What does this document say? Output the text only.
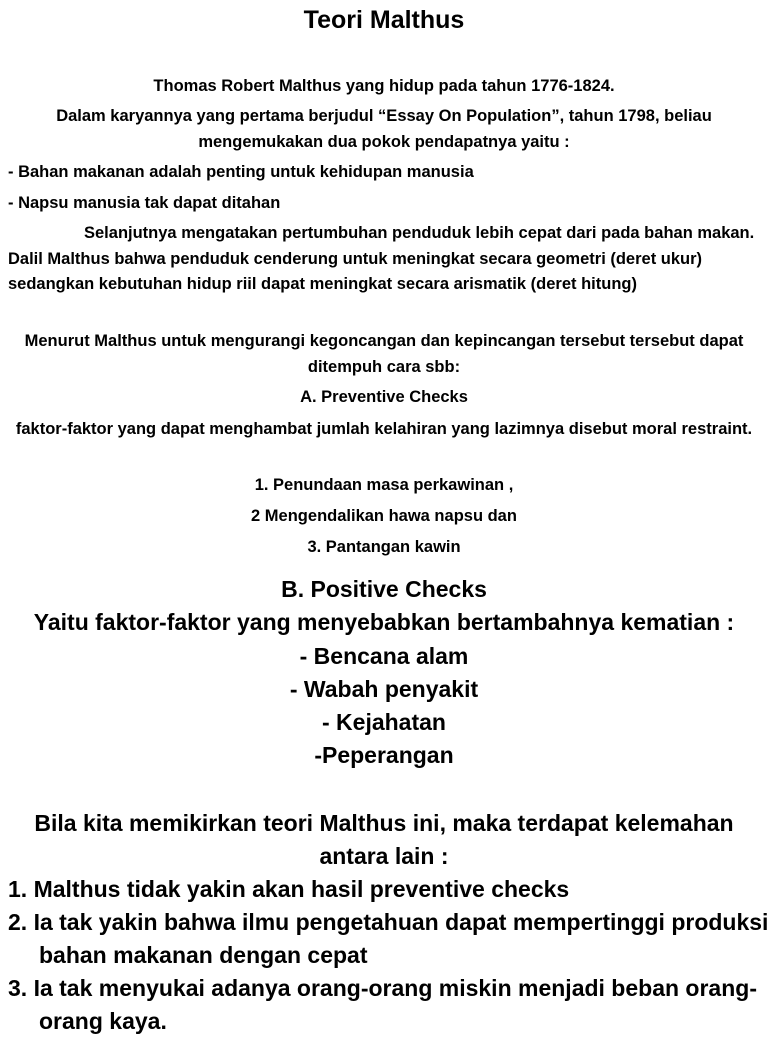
Teori Malthus
Thomas Robert Malthus yang hidup pada tahun 1776-1824.
Dalam karyannya yang pertama berjudul “Essay On Population”, tahun 1798, beliau mengemukakan dua pokok pendapatnya yaitu :
- Bahan makanan adalah penting untuk kehidupan manusia
- Napsu manusia tak dapat ditahan
Selanjutnya mengatakan pertumbuhan penduduk lebih cepat dari pada bahan makan. Dalil Malthus bahwa penduduk cenderung untuk meningkat secara geometri (deret ukur) sedangkan kebutuhan hidup riil dapat meningkat secara arismatik (deret hitung)
Menurut Malthus untuk mengurangi kegoncangan dan kepincangan tersebut tersebut dapat ditempuh cara sbb:
A. Preventive Checks
faktor-faktor yang dapat menghambat jumlah kelahiran yang lazimnya disebut moral restraint.
1. Penundaan masa perkawinan ,
2 Mengendalikan hawa napsu dan
3. Pantangan kawin
B. Positive Checks
Yaitu faktor-faktor yang menyebabkan bertambahnya kematian :
- Bencana alam
- Wabah penyakit
- Kejahatan
-Peperangan
Bila kita memikirkan teori Malthus ini, maka terdapat kelemahan antara lain :
1. Malthus tidak yakin akan hasil preventive checks
2. Ia tak yakin bahwa ilmu pengetahuan dapat mempertinggi produksi bahan makanan dengan cepat
3. Ia tak menyukai adanya orang-orang miskin menjadi beban orang-orang kaya.
